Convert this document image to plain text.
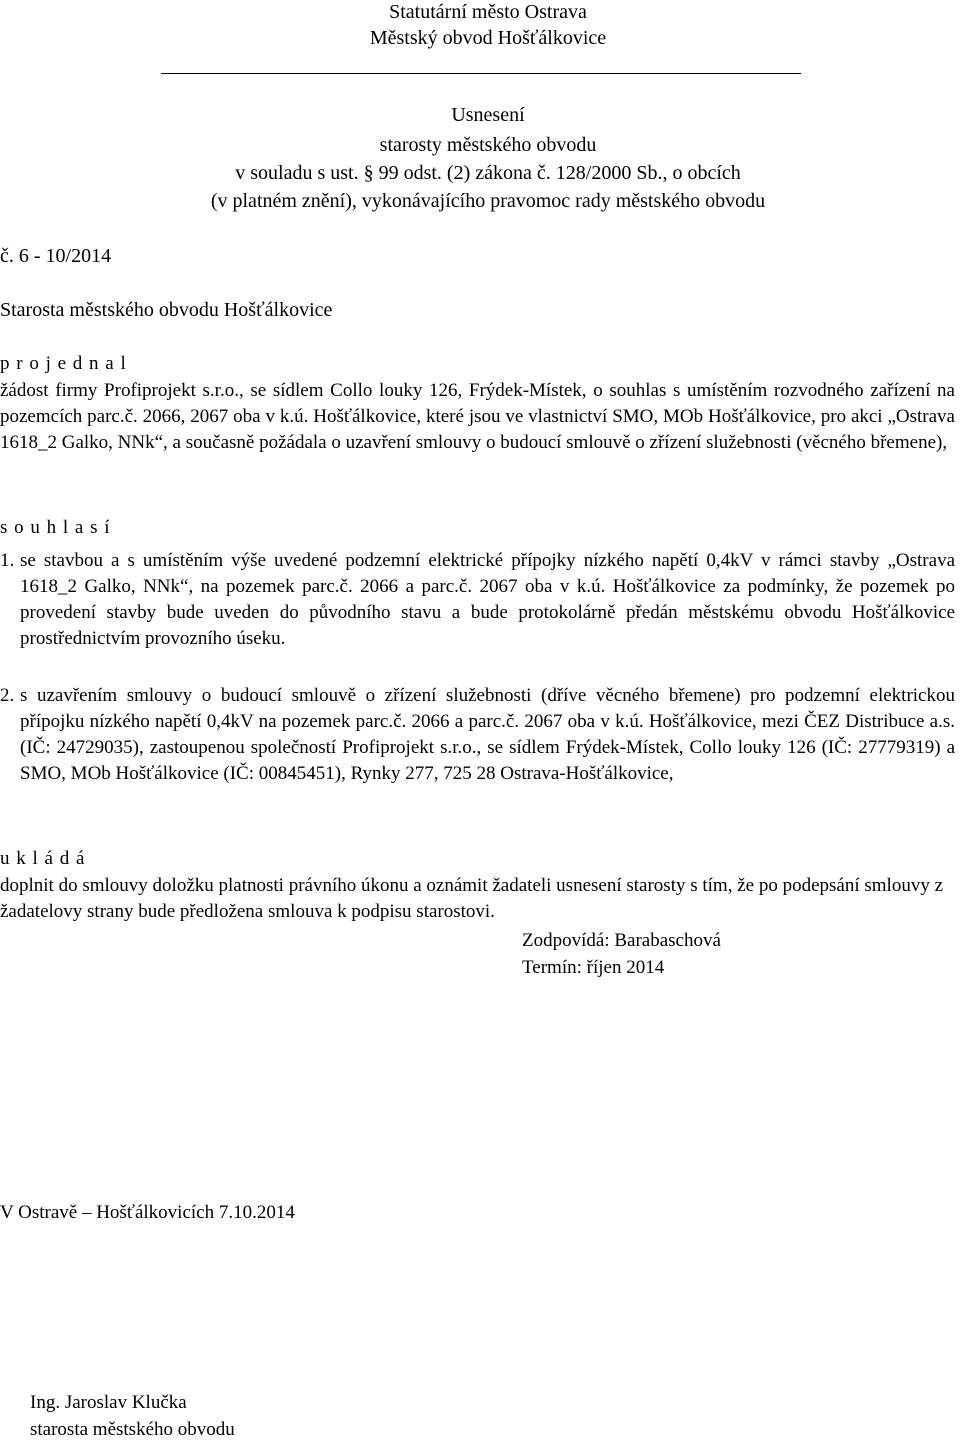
Statutární město Ostrava
Městský obvod Hošťálkovice
Usnesení
starosty městského obvodu
v souladu s ust. § 99 odst. (2) zákona č. 128/2000 Sb., o obcích
(v platném znění), vykonávajícího pravomoc rady městského obvodu
č. 6 - 10/2014
Starosta městského obvodu Hošťálkovice
p r o j e d n a l
žádost firmy Profiprojekt s.r.o., se sídlem Collo louky 126, Frýdek-Místek, o souhlas s umístěním rozvodného zařízení na pozemcích parc.č. 2066, 2067 oba v k.ú. Hošťálkovice, které jsou ve vlastnictví SMO, MOb Hošťálkovice, pro akci „Ostrava 1618_2 Galko, NNk“, a současně požádala o uzavření smlouvy o budoucí smlouvě o zřízení služebnosti (věcného břemene),
s o u h l a s í
1. se stavbou a s umístěním výše uvedené podzemní elektrické přípojky nízkého napětí 0,4kV v rámci stavby „Ostrava 1618_2 Galko, NNk“, na pozemek parc.č. 2066 a parc.č. 2067 oba v k.ú. Hošťálkovice za podmínky, že pozemek po provedení stavby bude uveden do původního stavu a bude protokolárně předán městskému obvodu Hošťálkovice prostřednictvím provozního úseku.
2. s uzavřením smlouvy o budoucí smlouvě o zřízení služebnosti (dříve věcného břemene) pro podzemní elektrickou přípojku nízkého napětí 0,4kV na pozemek parc.č. 2066 a parc.č. 2067 oba v k.ú. Hošťálkovice, mezi ČEZ Distribuce a.s. (IČ: 24729035), zastoupenou společností Profiprojekt s.r.o., se sídlem Frýdek-Místek, Collo louky 126 (IČ: 27779319) a SMO, MOb Hošťálkovice (IČ: 00845451), Rynky 277, 725 28 Ostrava-Hošťálkovice,
u k l á d á
doplnit do smlouvy doložku platnosti právního úkonu a oznámit žadateli usnesení starosty s tím, že po podepsání smlouvy z žadatelovy strany bude předložena smlouva k podpisu starostovi.
Zodpovídá: Barabaschová
Termín: říjen 2014
V Ostravě – Hošťálkovicích 7.10.2014
Ing. Jaroslav Klučka
starosta městského obvodu
